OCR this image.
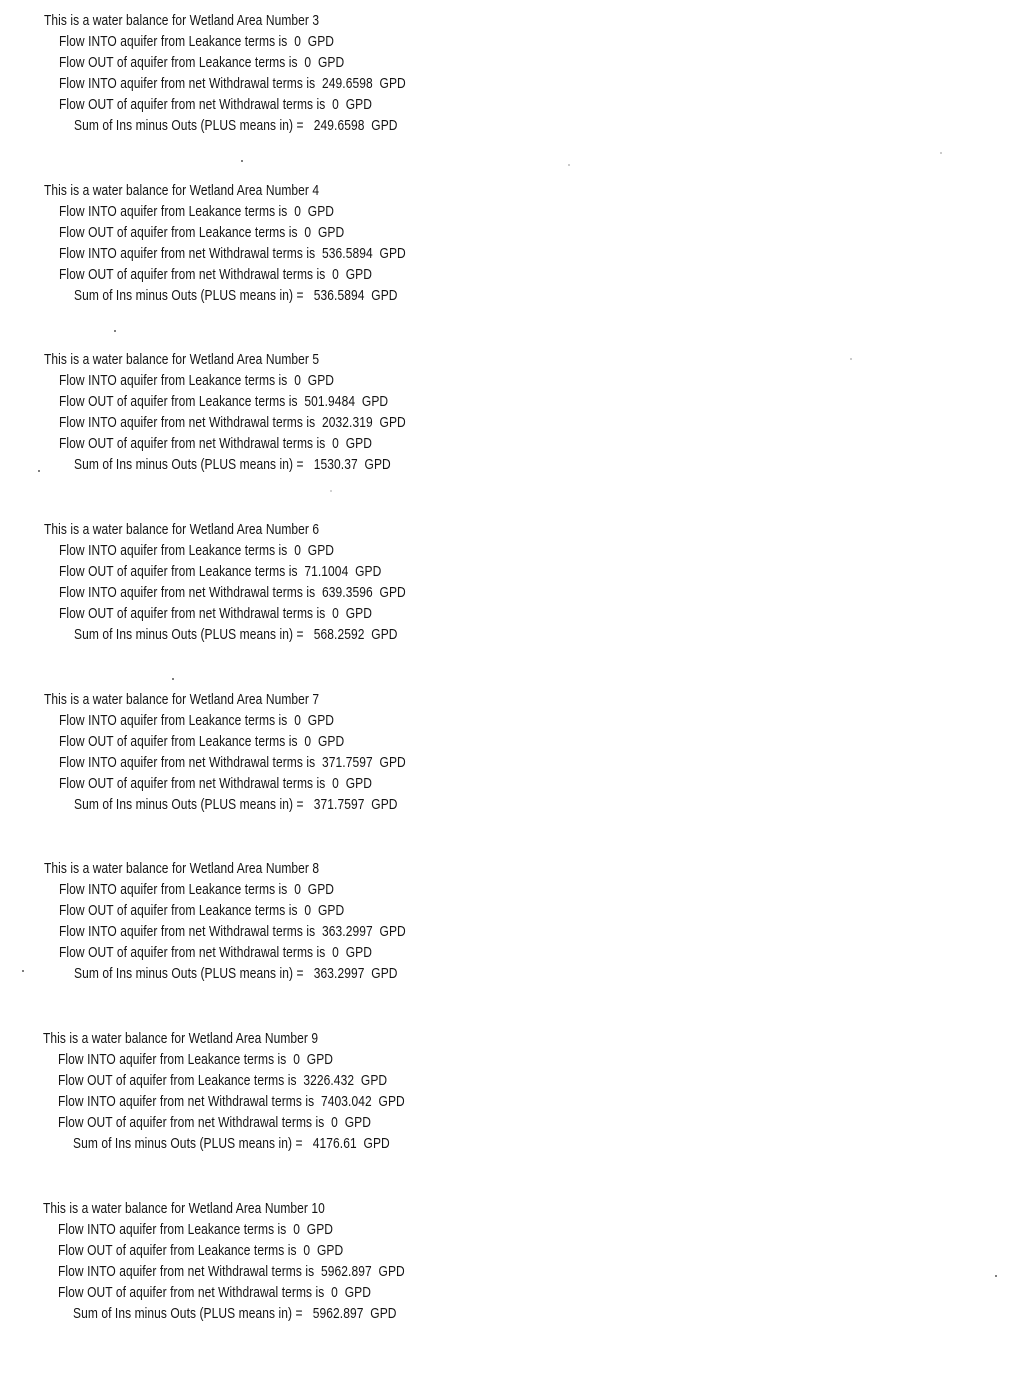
This is a water balance for Wetland Area Number 3
Flow INTO aquifer from Leakance terms is  0  GPD
Flow OUT of aquifer from Leakance terms is  0  GPD
Flow INTO aquifer from net Withdrawal terms is  249.6598  GPD
Flow OUT of aquifer from net Withdrawal terms is  0  GPD
Sum of Ins minus Outs (PLUS means in) =   249.6598  GPD
This is a water balance for Wetland Area Number 4
Flow INTO aquifer from Leakance terms is  0  GPD
Flow OUT of aquifer from Leakance terms is  0  GPD
Flow INTO aquifer from net Withdrawal terms is  536.5894  GPD
Flow OUT of aquifer from net Withdrawal terms is  0  GPD
Sum of Ins minus Outs (PLUS means in) =   536.5894  GPD
This is a water balance for Wetland Area Number 5
Flow INTO aquifer from Leakance terms is  0  GPD
Flow OUT of aquifer from Leakance terms is  501.9484  GPD
Flow INTO aquifer from net Withdrawal terms is  2032.319  GPD
Flow OUT of aquifer from net Withdrawal terms is  0  GPD
Sum of Ins minus Outs (PLUS means in) =   1530.37  GPD
This is a water balance for Wetland Area Number 6
Flow INTO aquifer from Leakance terms is  0  GPD
Flow OUT of aquifer from Leakance terms is  71.1004  GPD
Flow INTO aquifer from net Withdrawal terms is  639.3596  GPD
Flow OUT of aquifer from net Withdrawal terms is  0  GPD
Sum of Ins minus Outs (PLUS means in) =   568.2592  GPD
This is a water balance for Wetland Area Number 7
Flow INTO aquifer from Leakance terms is  0  GPD
Flow OUT of aquifer from Leakance terms is  0  GPD
Flow INTO aquifer from net Withdrawal terms is  371.7597  GPD
Flow OUT of aquifer from net Withdrawal terms is  0  GPD
Sum of Ins minus Outs (PLUS means in) =   371.7597  GPD
This is a water balance for Wetland Area Number 8
Flow INTO aquifer from Leakance terms is  0  GPD
Flow OUT of aquifer from Leakance terms is  0  GPD
Flow INTO aquifer from net Withdrawal terms is  363.2997  GPD
Flow OUT of aquifer from net Withdrawal terms is  0  GPD
Sum of Ins minus Outs (PLUS means in) =   363.2997  GPD
This is a water balance for Wetland Area Number 9
Flow INTO aquifer from Leakance terms is  0  GPD
Flow OUT of aquifer from Leakance terms is  3226.432  GPD
Flow INTO aquifer from net Withdrawal terms is  7403.042  GPD
Flow OUT of aquifer from net Withdrawal terms is  0  GPD
Sum of Ins minus Outs (PLUS means in) =   4176.61  GPD
This is a water balance for Wetland Area Number 10
Flow INTO aquifer from Leakance terms is  0  GPD
Flow OUT of aquifer from Leakance terms is  0  GPD
Flow INTO aquifer from net Withdrawal terms is  5962.897  GPD
Flow OUT of aquifer from net Withdrawal terms is  0  GPD
Sum of Ins minus Outs (PLUS means in) =   5962.897  GPD
